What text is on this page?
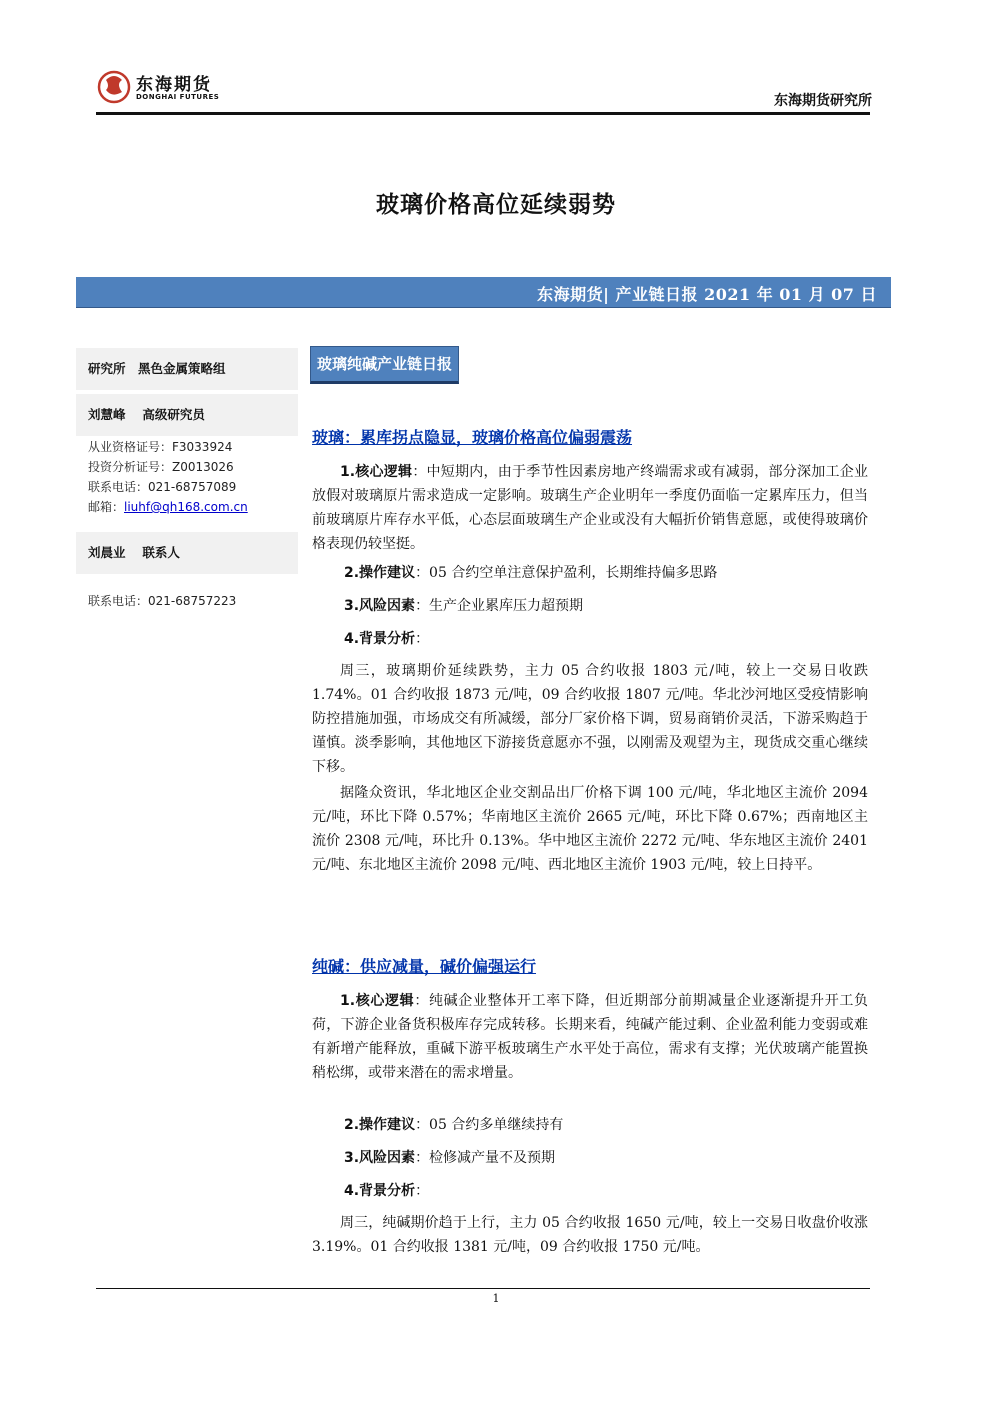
东海期货
DONGHAI FUTURES	东海期货研究所
玻璃价格高位延续弱势
东海期货| 产业链日报 2021 年 01 月 07 日
研究所　黑色金属策略组
刘慧峰　 高级研究员
从业资格证号：F3033924
投资分析证号：Z0013026
联系电话：021-68757089
邮箱：liuhf@qh168.com.cn
刘晨业　 联系人
联系电话：021-68757223
玻璃纯碱产业链日报
玻璃：累库拐点隐显，玻璃价格高位偏弱震荡
1.核心逻辑：中短期内，由于季节性因素房地产终端需求或有减弱，部分深加工企业放假对玻璃原片需求造成一定影响。玻璃生产企业明年一季度仍面临一定累库压力，但当前玻璃原片库存水平低，心态层面玻璃生产企业或没有大幅折价销售意愿，或使得玻璃价格表现仍较坚挺。
2.操作建议：05 合约空单注意保护盈利，长期维持偏多思路
3.风险因素：生产企业累库压力超预期
4.背景分析：
周三，玻璃期价延续跌势，主力 05 合约收报 1803 元/吨，较上一交易日收跌 1.74%。01 合约收报 1873 元/吨，09 合约收报 1807 元/吨。华北沙河地区受疫情影响防控措施加强，市场成交有所减缓，部分厂家价格下调，贸易商销价灵活，下游采购趋于谨慎。淡季影响，其他地区下游接货意愿亦不强，以刚需及观望为主，现货成交重心继续下移。
据隆众资讯，华北地区企业交割品出厂价格下调 100 元/吨，华北地区主流价 2094 元/吨，环比下降 0.57%；华南地区主流价 2665 元/吨，环比下降 0.67%；西南地区主流价 2308 元/吨，环比升 0.13%。华中地区主流价 2272 元/吨、华东地区主流价 2401 元/吨、东北地区主流价 2098 元/吨、西北地区主流价 1903 元/吨，较上日持平。
纯碱：供应减量，碱价偏强运行
1.核心逻辑：纯碱企业整体开工率下降，但近期部分前期减量企业逐渐提升开工负荷，下游企业备货积极库存完成转移。长期来看，纯碱产能过剩、企业盈利能力变弱或难有新增产能释放，重碱下游平板玻璃生产水平处于高位，需求有支撑；光伏玻璃产能置换稍松绑，或带来潜在的需求增量。
2.操作建议：05 合约多单继续持有
3.风险因素：检修减产量不及预期
4.背景分析：
周三，纯碱期价趋于上行，主力 05 合约收报 1650 元/吨，较上一交易日收盘价收涨 3.19%。01 合约收报 1381 元/吨，09 合约收报 1750 元/吨。
1
